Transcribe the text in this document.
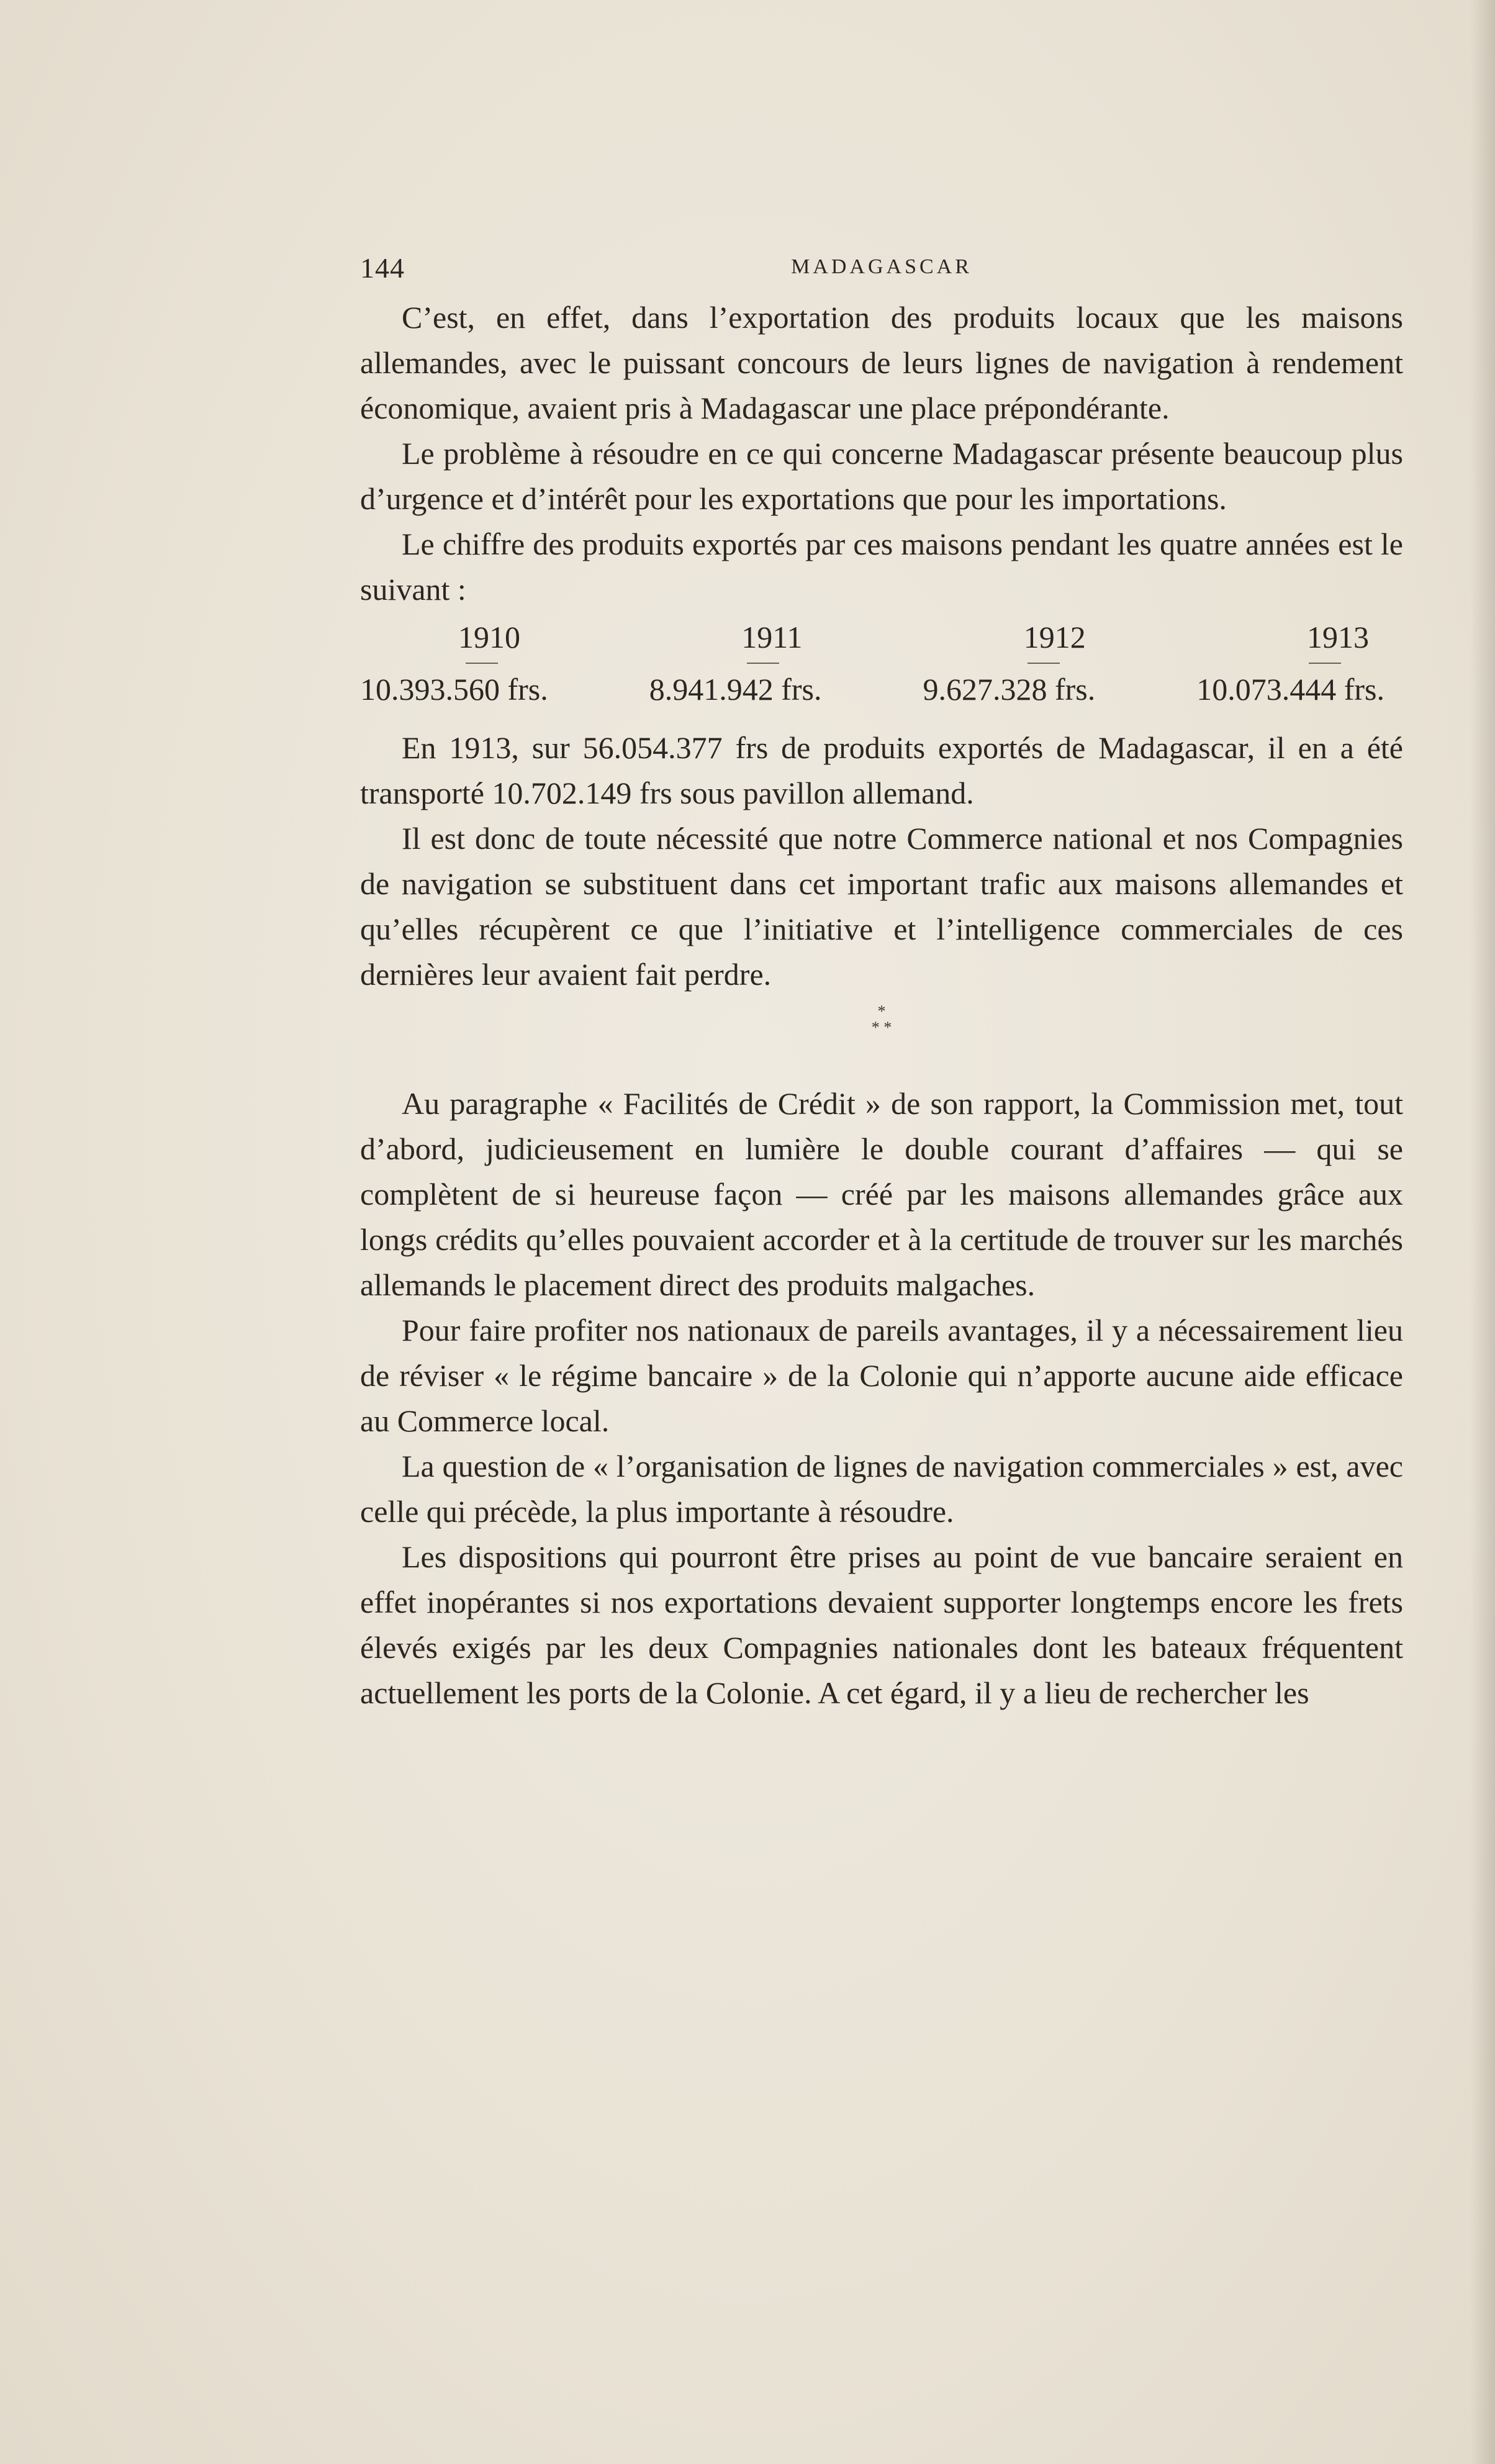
144	MADAGASCAR

C’est, en effet, dans l’exportation des produits locaux que les maisons allemandes, avec le puissant concours de leurs lignes de navigation à rendement économique, avaient pris à Madagascar une place prépondérante.

Le problème à résoudre en ce qui concerne Madagascar présente beaucoup plus d’urgence et d’intérêt pour les exportations que pour les importations.

Le chiffre des produits exportés par ces maisons pendant les quatre années est le suivant :

1910	1911	1912	1913
10.393.560 frs.	8.941.942 frs.	9.627.328 frs.	10.073.444 frs.

En 1913, sur 56.054.377 frs de produits exportés de Madagascar, il en a été transporté 10.702.149 frs sous pavillon allemand.

Il est donc de toute nécessité que notre Commerce national et nos Compagnies de navigation se substituent dans cet important trafic aux maisons allemandes et qu’elles récupèrent ce que l’initiative et l’intelligence commerciales de ces dernières leur avaient fait perdre.

*
* *

Au paragraphe « Facilités de Crédit » de son rapport, la Commission met, tout d’abord, judicieusement en lumière le double courant d’affaires — qui se complètent de si heureuse façon — créé par les maisons allemandes grâce aux longs crédits qu’elles pouvaient accorder et à la certitude de trouver sur les marchés allemands le placement direct des produits malgaches.

Pour faire profiter nos nationaux de pareils avantages, il y a nécessairement lieu de réviser « le régime bancaire » de la Colonie qui n’apporte aucune aide efficace au Commerce local.

La question de « l’organisation de lignes de navigation commerciales » est, avec celle qui précède, la plus importante à résoudre.

Les dispositions qui pourront être prises au point de vue bancaire seraient en effet inopérantes si nos exportations devaient supporter longtemps encore les frets élevés exigés par les deux Compagnies nationales dont les bateaux fréquentent actuellement les ports de la Colonie. A cet égard, il y a lieu de rechercher les
